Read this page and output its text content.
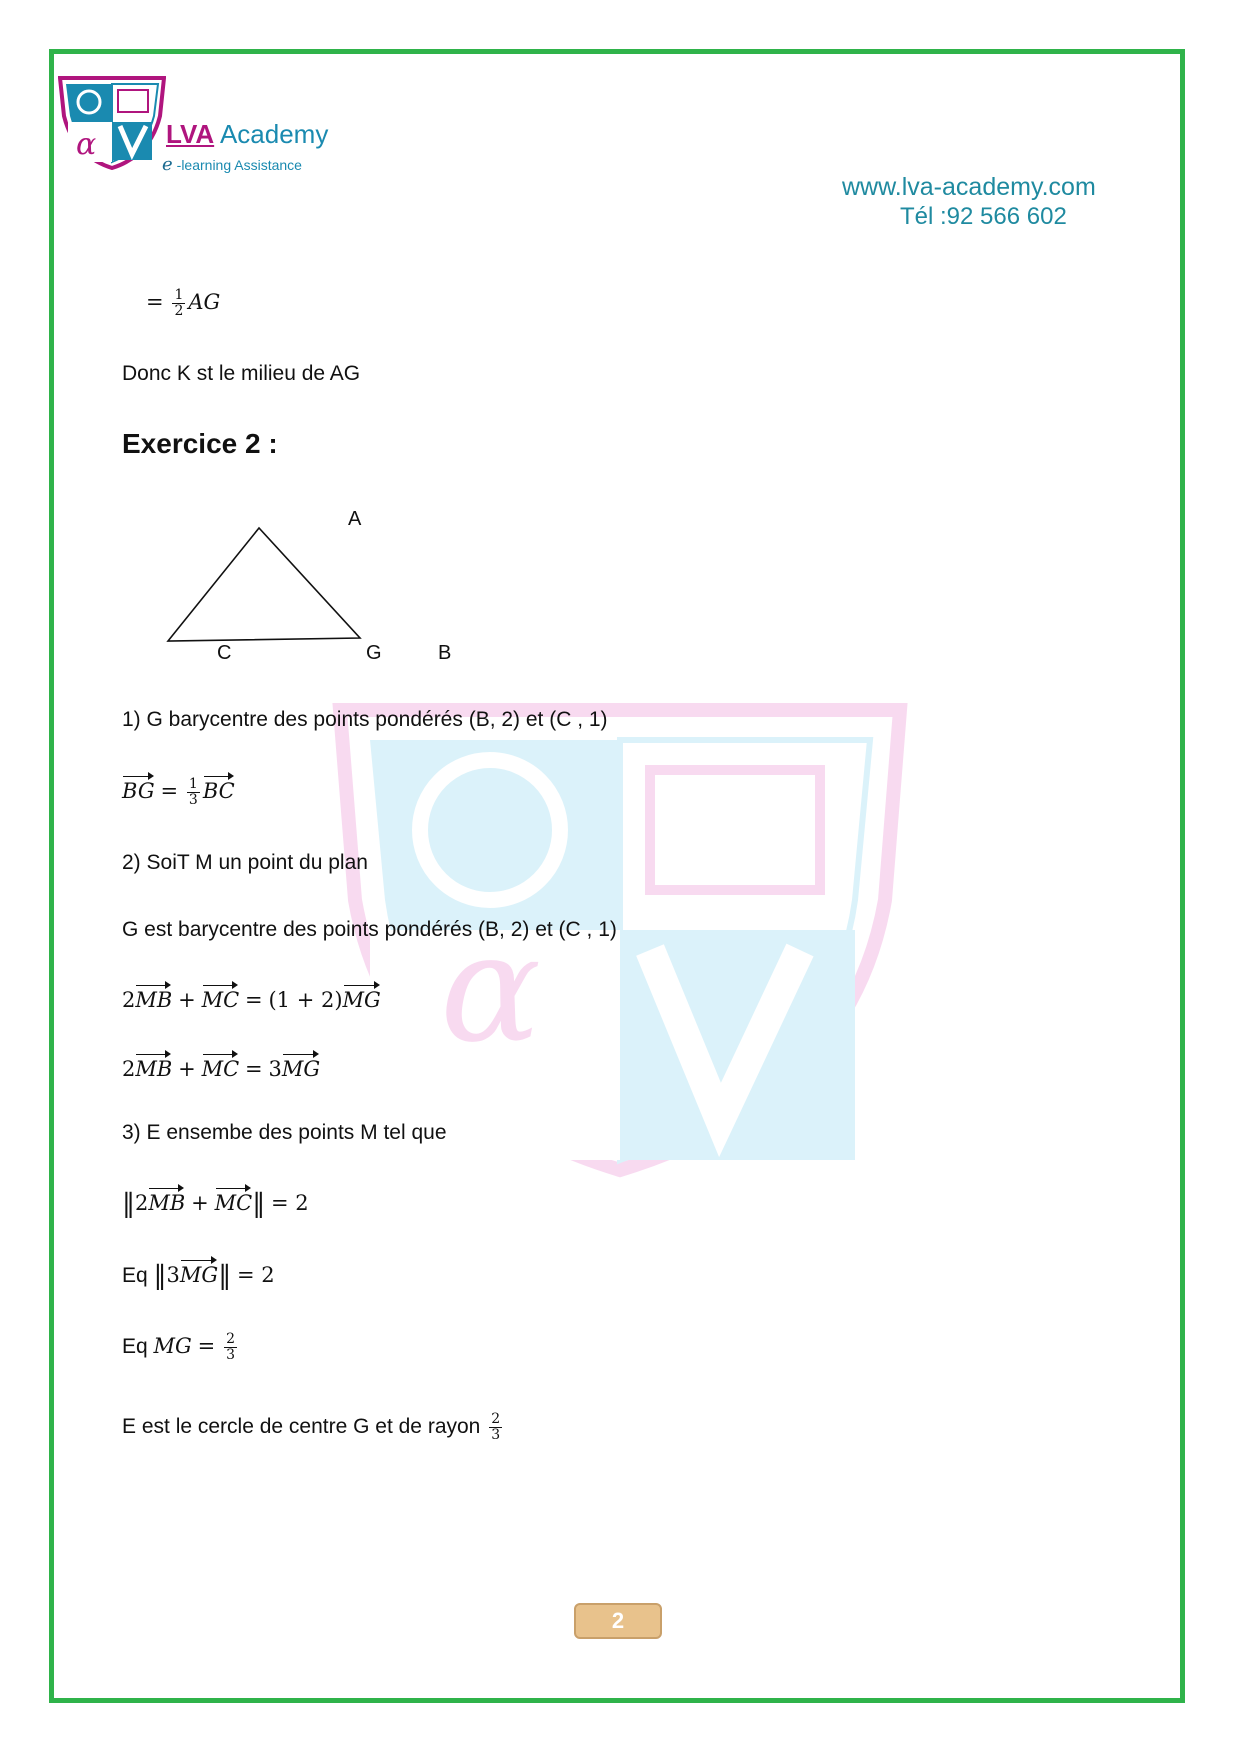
α
α	LVA Academy
e -learning Assistance
www.lva-academy.com
Tél :92 566 602
= $\frac{1}{2}$ AG
Donc K st le milieu de AG
Exercice 2 :
A
C	G	B
1) G barycentre des points pondérés (B, 2) et (C , 1)
BG = $\frac{1}{3}$ BC
2) SoiT M un point du plan
G est barycentre des points pondérés (B, 2) et (C , 1)
2MB + MC = (1 + 2)MG
2MB + MC = 3MG
3) E ensembe des points M tel que
‖2MB + MC‖ = 2
Eq ‖3MG‖ = 2
Eq MG = $\frac{2}{3}$
E est le cercle de centre G et de rayon $\frac{2}{3}$
2
